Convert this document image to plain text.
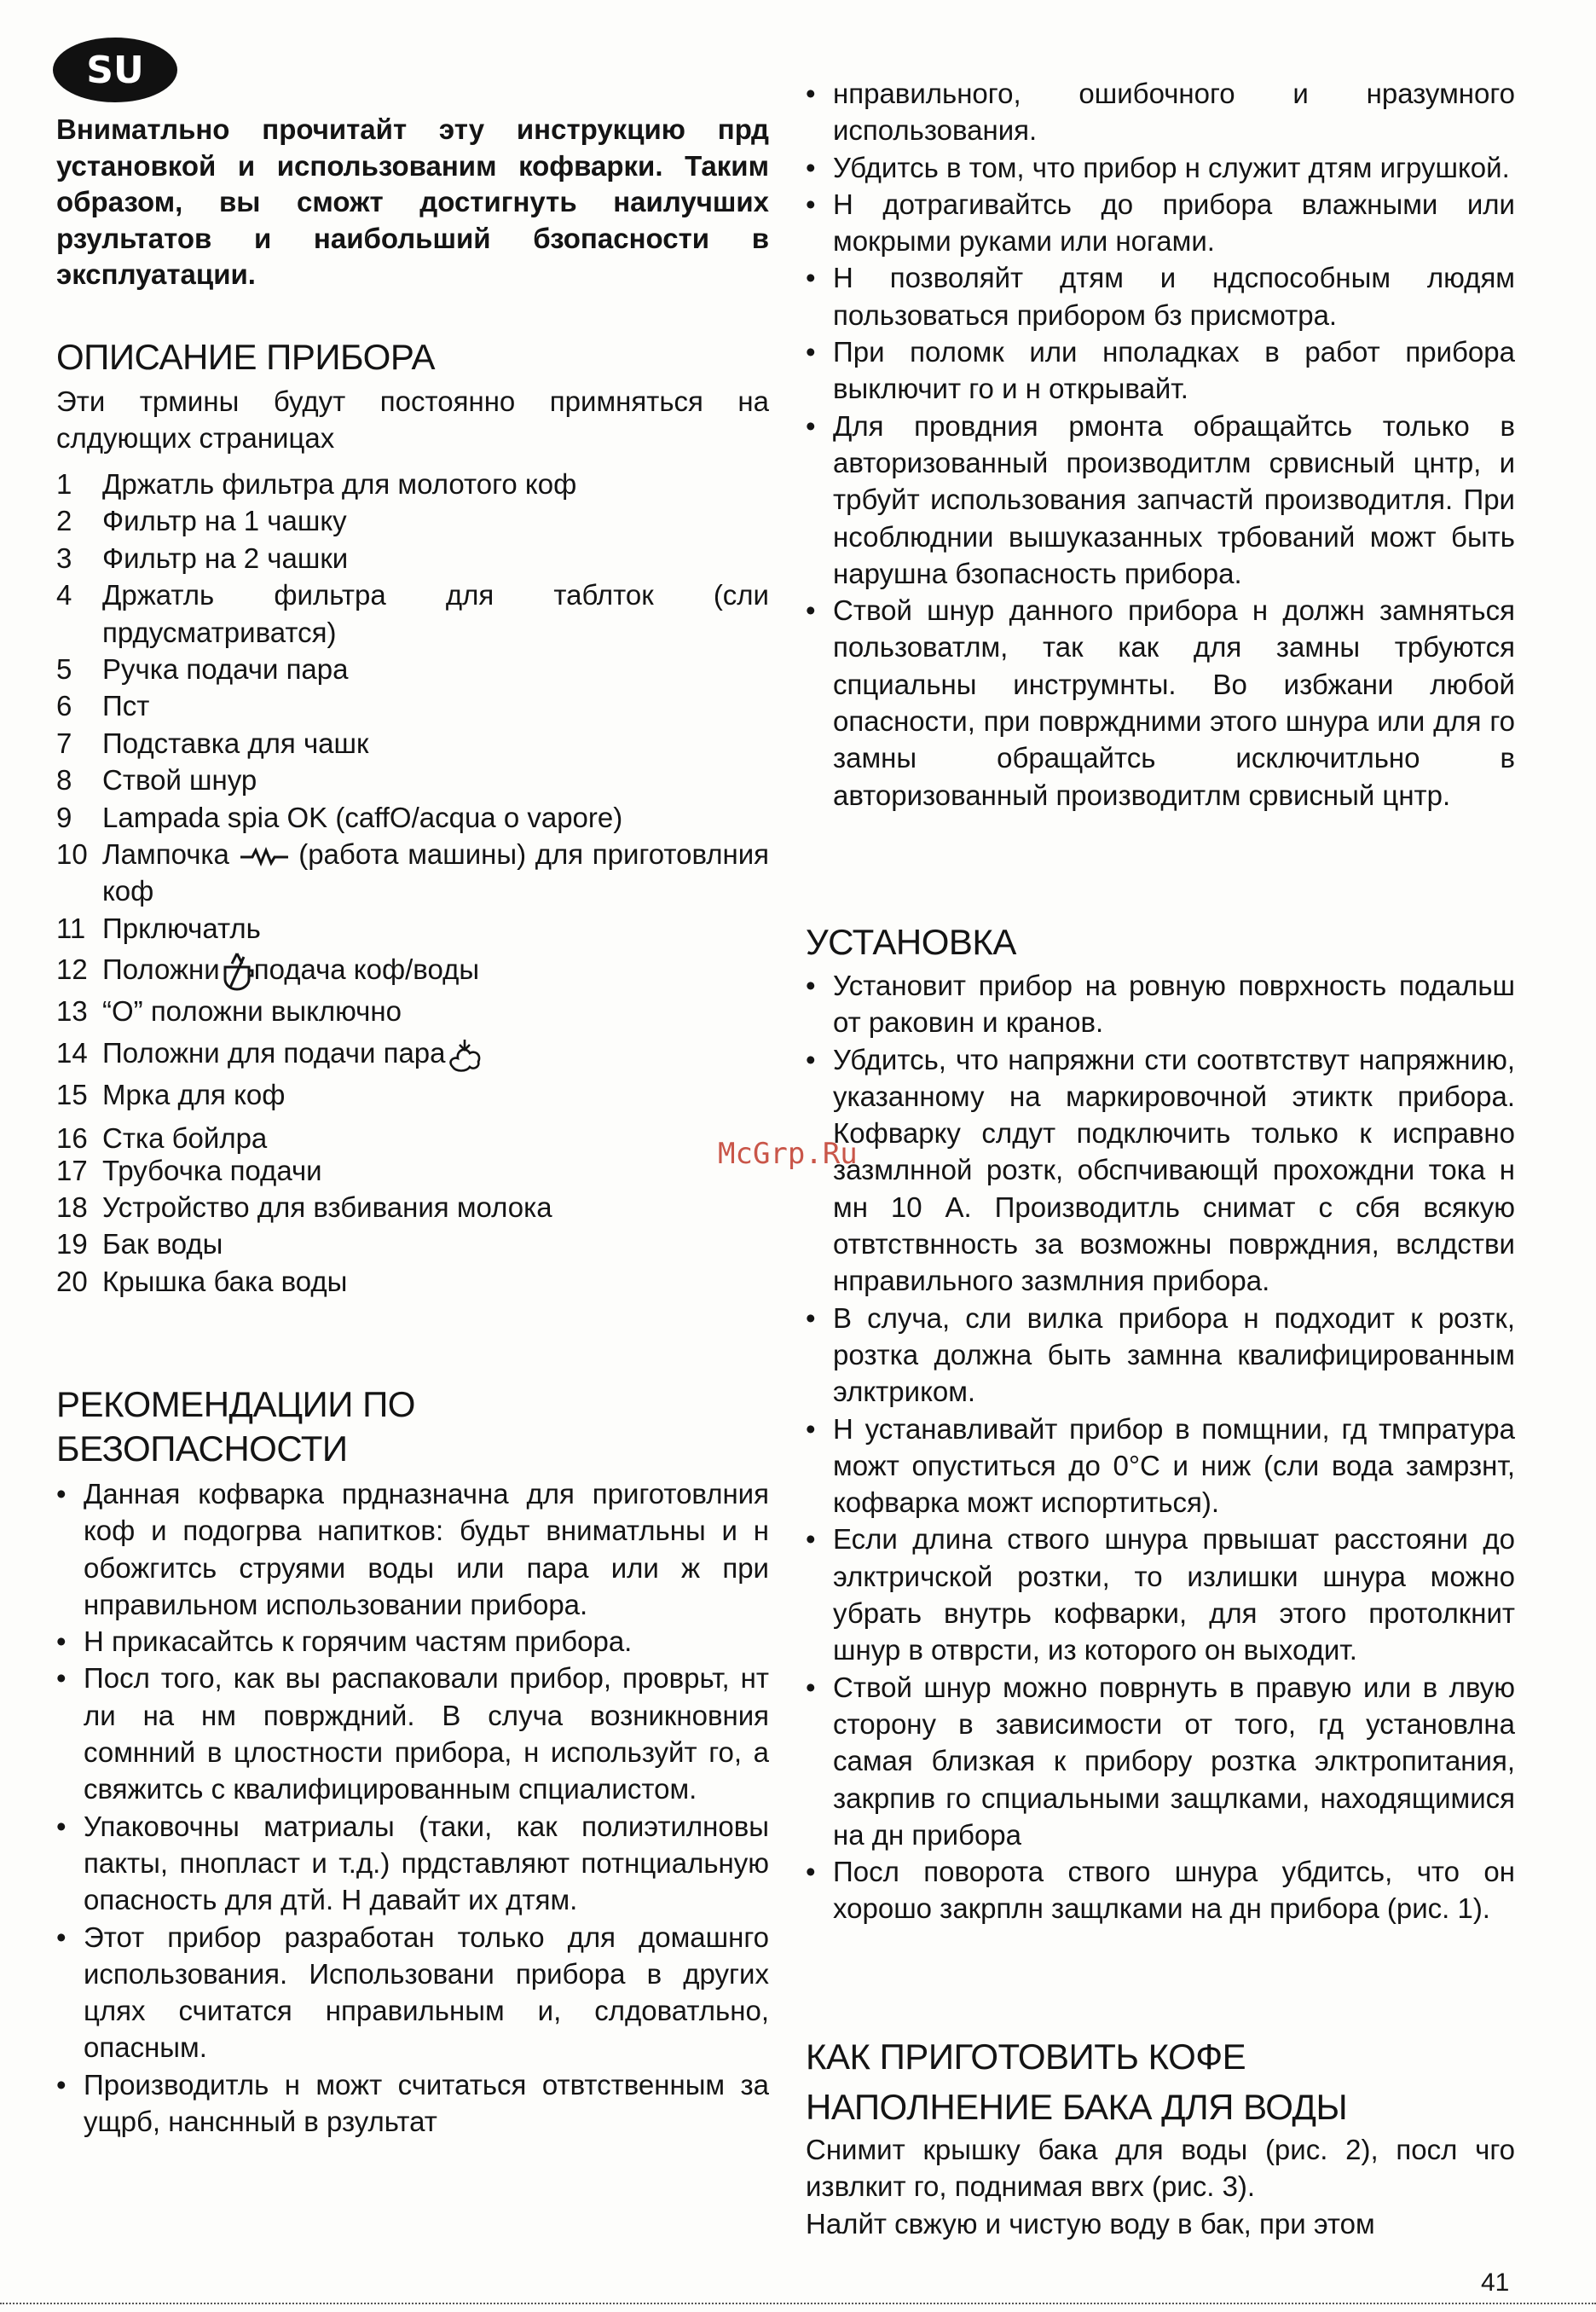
SU
Вниматльно прочитайт эту инструкцию прд установкой и использованим кофварки. Таким образом, вы сможт достигнуть наилучших рзультатов и наибольший бзопасности в эксплуатации.
ОПИСАНИЕ ПРИБОРА
Эти трмины будут постоянно примняться на слдующих страницах
1	Држатль фильтра для молотого коф
2	Фильтр на 1 чашку
3	Фильтр на 2 чашки
4	Држатль фильтра для таблток (сли прдусматриватся)
5	Ручка подачи пара
6	Пст
7	Подставка для чашк
8	Ствой шнур
9	Lampada spia OK (caffO/acqua o vapore)
10 Лампочка (работа машины) для приготовлния коф
11 Прключатль
12 Положни подача коф/воды
13 “О” положни выключно
14 Положни для подачи пара
15 Мрка для коф
16 Стка бойлра
17 Трубочка подачи
18 Устройство для взбивания молока
19 Бак воды
20 Крышка бака воды
РЕКОМЕНДАЦИИ ПО
БЕЗОПАСНОСТИ
• Данная кофварка прдназначна для приготовлния коф и подогрва напитков: будьт вниматльны и н обожгитсь струями воды или пара или ж при нправильном использовании прибора.
• Н прикасайтсь к горячим частям прибора.
• Посл того, как вы распаковали прибор, проврьт, нт ли на нм поврждний. В случа возникновния сомнний в цлостности прибора, н используйт го, а свяжитсь с квалифицированным спциалистом.
• Упаковочны матриалы (таки, как полиэтилновы пакты, пнопласт и т.д.) прдставляют потнциальную опасность для дтй. Н давайт их дтям.
• Этот прибор разработан только для домашнго использования. Использовани прибора в других цлях считатся нправильным и, слдоватльно, опасным.
• Производитль н можт считаться отвтственным за ущрб, нанснный в рзультат
• нправильного, ошибочного и нразумного использования.
• Убдитсь в том, что прибор н служит дтям игрушкой.
• Н дотрагивайтсь до прибора влажными или мокрыми руками или ногами.
• Н позволяйт дтям и ндспособным людям пользоваться прибором бз присмотра.
• При поломк или нполадках в работ прибора выключит го и н открывайт.
• Для провдния рмонта обращайтсь только в авторизованный производитлм срвисный цнтр, и трбуйт использования запчастй производитля. При нсоблюднии вышуказанных трбований можт быть нарушна бзопасность прибора.
• Ствой шнур данного прибора н должн замняться пользоватлм, так как для замны трбуются спциальны инструмнты. Во избжани любой опасности, при поврждними этого шнура или для го замны обращайтсь исключитльно в авторизованный производитлм срвисный цнтр.
УСТАНОВКА
• Установит прибор на ровную поврхность подальш от раковин и кранов.
• Убдитсь, что напряжни сти соотвтствут напряжнию, указанному на маркировочной этиктк прибора. Кофварку слдут подключить только к исправно зазмлнной розтк, обспчивающй прохождни тока н мн 10 А. Производитль снимат с сбя всякую отвтствнность за возможны поврждния, вслдстви нправильного зазмлния прибора.
• В случа, сли вилка прибора н подходит к розтк, розтка должна быть замнна квалифицированным элктриком.
• Н устанавливайт прибор в помщнии, гд тмпратура можт опуститься до 0°C и ниж (сли вода замрзнт, кофварка можт испортиться).
• Если длина ствого шнура првышат расстояни до элктричской розтки, то излишки шнура можно убрать внутрь кофварки, для этого протолкнит шнур в отврсти, из которого он выходит.
• Ствой шнур можно поврнуть в правую или в лвую сторону в зависимости от того, гд установлна самая близкая к прибору розтка элктропитания, закрпив го спциальными защлками, находящимися на дн прибора
• Посл поворота ствого шнура убдитсь, что он хорошо закрплн защлками на дн прибора (рис. 1).
КАК ПРИГОТОВИТЬ КОФЕ
НАПОЛНЕНИЕ БАКА ДЛЯ ВОДЫ
Снимит крышку бака для воды (рис. 2), посл чго извлкит го, поднимая ввrх (рис. 3).
Налйт свжую и чистую воду в бак, при этом
McGrp.Ru
41
